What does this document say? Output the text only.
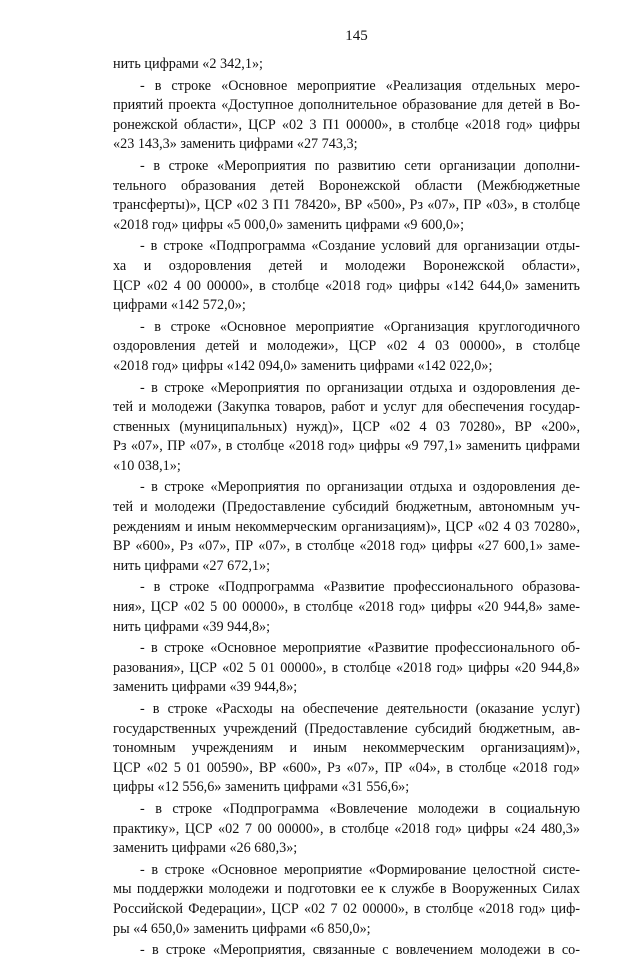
145
нить цифрами «2 342,1»;
- в строке «Основное мероприятие «Реализация отдельных меро-
приятий проекта «Доступное дополнительное образование для детей в Во-
ронежской области», ЦСР «02 3 П1 00000», в столбце «2018 год» цифры
«23 143,3» заменить цифрами «27 743,3;
- в строке «Мероприятия по развитию сети организации дополни-
тельного образования детей Воронежской области (Межбюджетные
трансферты)», ЦСР «02 3 П1 78420», ВР «500», Рз «07», ПР «03», в столбце
«2018 год» цифры «5 000,0» заменить цифрами «9 600,0»;
- в строке «Подпрограмма «Создание условий для организации отды-
ха и оздоровления детей и молодежи Воронежской области»,
ЦСР «02 4 00 00000», в столбце «2018 год» цифры «142 644,0» заменить
цифрами «142 572,0»;
- в строке «Основное мероприятие «Организация круглогодичного
оздоровления детей и молодежи», ЦСР «02 4 03 00000», в столбце
«2018 год» цифры «142 094,0» заменить цифрами «142 022,0»;
- в строке «Мероприятия по организации отдыха и оздоровления де-
тей и молодежи (Закупка товаров, работ и услуг для обеспечения государ-
ственных (муниципальных) нужд)», ЦСР «02 4 03 70280», ВР «200»,
Рз «07», ПР «07», в столбце «2018 год» цифры «9 797,1» заменить цифрами
«10 038,1»;
- в строке «Мероприятия по организации отдыха и оздоровления де-
тей и молодежи (Предоставление субсидий бюджетным, автономным уч-
реждениям и иным некоммерческим организациям)», ЦСР «02 4 03 70280»,
ВР «600», Рз «07», ПР «07», в столбце «2018 год» цифры «27 600,1» заме-
нить цифрами «27 672,1»;
- в строке «Подпрограмма «Развитие профессионального образова-
ния», ЦСР «02 5 00 00000», в столбце «2018 год» цифры «20 944,8» заме-
нить цифрами «39 944,8»;
- в строке «Основное мероприятие «Развитие профессионального об-
разования», ЦСР «02 5 01 00000», в столбце «2018 год» цифры «20 944,8»
заменить цифрами «39 944,8»;
- в строке «Расходы на обеспечение деятельности (оказание услуг)
государственных учреждений (Предоставление субсидий бюджетным, ав-
тономным учреждениям и иным некоммерческим организациям)»,
ЦСР «02 5 01 00590», ВР «600», Рз «07», ПР «04», в столбце «2018 год»
цифры «12 556,6» заменить цифрами «31 556,6»;
- в строке «Подпрограмма «Вовлечение молодежи в социальную
практику», ЦСР «02 7 00 00000», в столбце «2018 год» цифры «24 480,3»
заменить цифрами «26 680,3»;
- в строке «Основное мероприятие «Формирование целостной систе-
мы поддержки молодежи и подготовки ее к службе в Вооруженных Силах
Российской Федерации», ЦСР «02 7 02 00000», в столбце «2018 год» циф-
ры «4 650,0» заменить цифрами «6 850,0»;
- в строке «Мероприятия, связанные с вовлечением молодежи в со-
